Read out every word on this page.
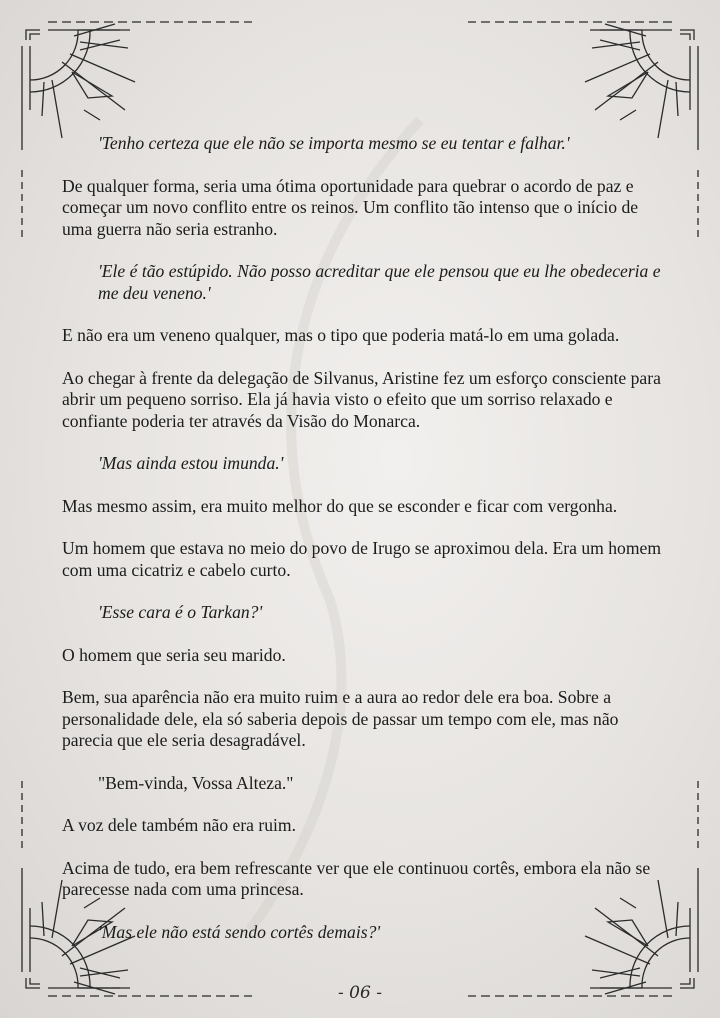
'Tenho certeza que ele não se importa mesmo se eu tentar e falhar.'

De qualquer forma, seria uma ótima oportunidade para quebrar o acordo de paz e começar um novo conflito entre os reinos. Um conflito tão intenso que o início de uma guerra não seria estranho.

'Ele é tão estúpido. Não posso acreditar que ele pensou que eu lhe obedeceria e me deu veneno.'

E não era um veneno qualquer, mas o tipo que poderia matá-lo em uma golada.

Ao chegar à frente da delegação de Silvanus, Aristine fez um esforço consciente para abrir um pequeno sorriso. Ela já havia visto o efeito que um sorriso relaxado e confiante poderia ter através da Visão do Monarca.

'Mas ainda estou imunda.'

Mas mesmo assim, era muito melhor do que se esconder e ficar com vergonha.

Um homem que estava no meio do povo de Irugo se aproximou dela. Era um homem com uma cicatriz e cabelo curto.

'Esse cara é o Tarkan?'

O homem que seria seu marido.

Bem, sua aparência não era muito ruim e a aura ao redor dele era boa. Sobre a personalidade dele, ela só saberia depois de passar um tempo com ele, mas não parecia que ele seria desagradável.

"Bem-vinda, Vossa Alteza."

A voz dele também não era ruim.

Acima de tudo, era bem refrescante ver que ele continuou cortês, embora ela não se parecesse nada com uma princesa.

'Mas ele não está sendo cortês demais?'

- 06 -
